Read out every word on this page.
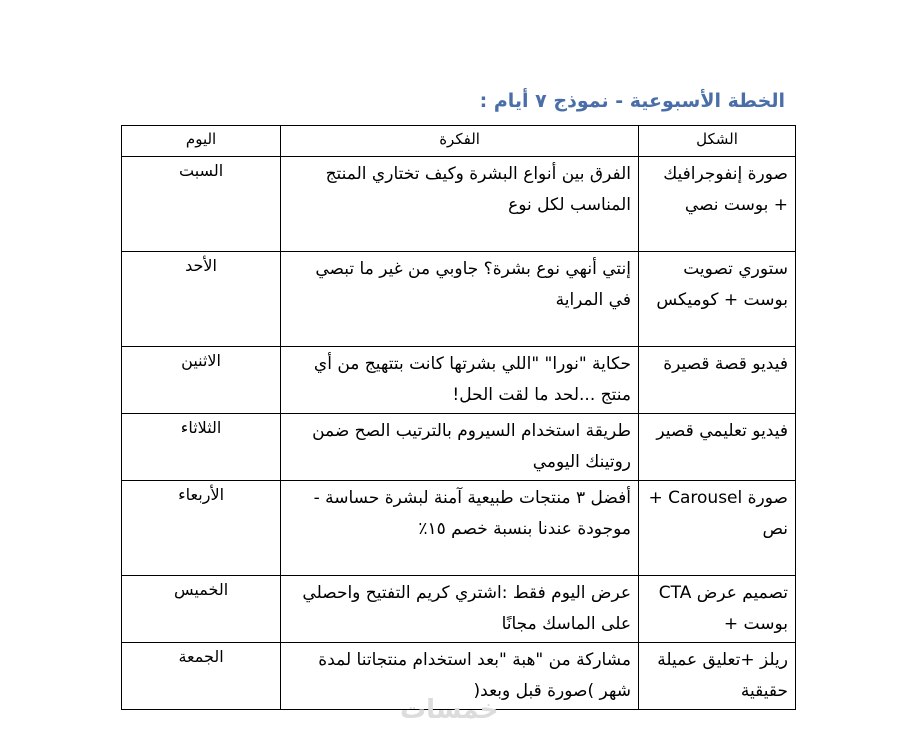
الخطة الأسبوعية - نموذج ٧ أيام :
الشكل	الفكرة	اليوم
صورة إنفوجرافيك + بوست نصي	الفرق بين أنواع البشرة وكيف تختاري المنتج المناسب لكل نوع	السبت
ستوري تصويت بوست + كوميكس	إنتي أنهي نوع بشرة؟ جاوبي من غير ما تبصي في المراية	الأحد
فيديو قصة قصيرة	حكاية "نورا" "اللي بشرتها كانت بتتهيج من أي منتج ...لحد ما لقت الحل!	الاثنين
فيديو تعليمي قصير	طريقة استخدام السيروم بالترتيب الصح ضمن روتينك اليومي	الثلاثاء
صورة Carousel + نص	أفضل ٣ منتجات طبيعية آمنة لبشرة حساسة - موجودة عندنا بنسبة خصم ١٥٪	الأربعاء
تصميم عرض CTA بوست +	عرض اليوم فقط :اشتري كريم التفتيح واحصلي على الماسك مجانًا	الخميس
ريلز +تعليق عميلة حقيقية	مشاركة من "هبة "بعد استخدام منتجاتنا لمدة شهر )صورة قبل وبعد(	الجمعة
خمسات
